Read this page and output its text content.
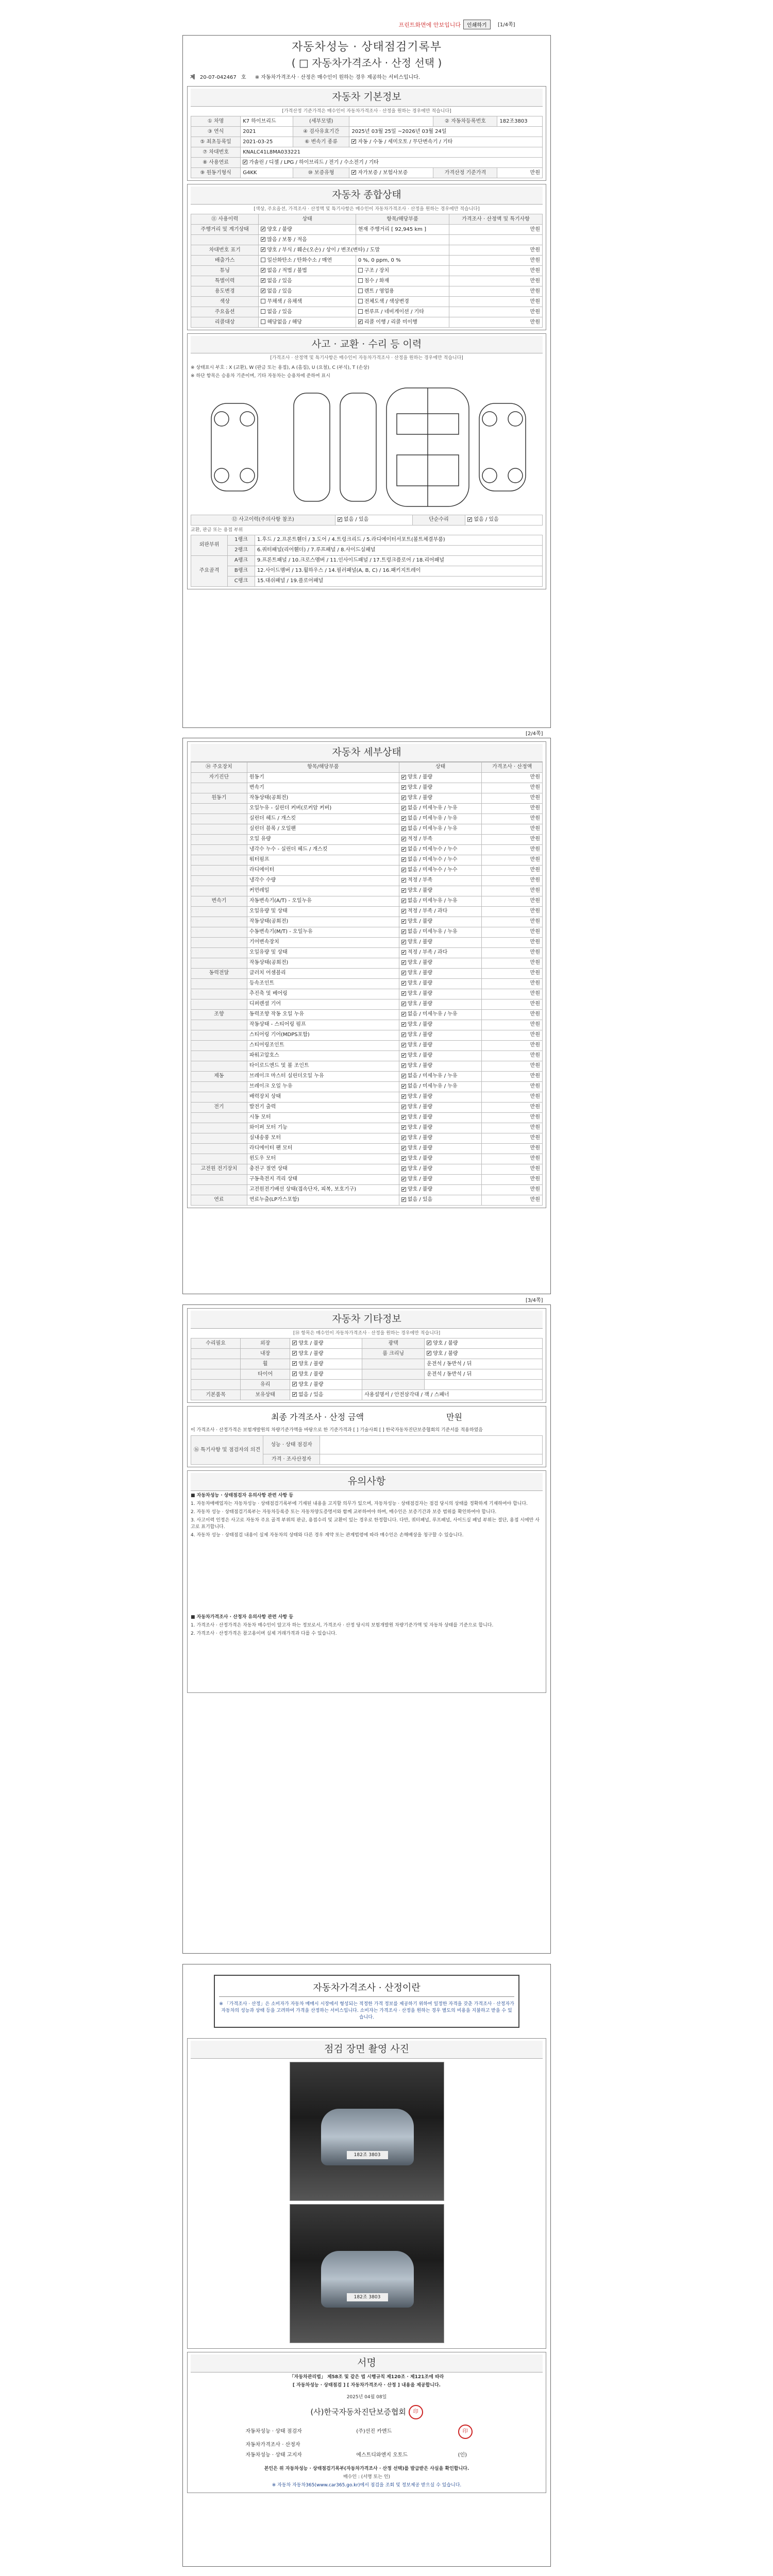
프린트화면에 안보입니다	인쇄하기	[1/4쪽]
자동차성능 · 상태점검기록부
( □ 자동차가격조사 · 산정 선택 )
제 20-07-042467 호 ※ 자동차가격조사 · 산정은 매수인이 원하는 경우 제공하는 서비스입니다.
자동차 기본정보
[가격산정 기준가격은 매수인이 자동차가격조사 · 산정을 원하는 경우에만 적습니다]
① 차명	K7 하이브리드	(세부모델)		② 자동차등록번호	182조3803
③ 연식	2021	④ 검사유효기간	2025년 03월 25일 ~2026년 03월 24일		
⑤ 최초등록일	2021-03-25	⑥ 변속기 종류	✔자동 / 수동 / 세미오토 / 무단변속기 / 기타
⑦ 차대번호	KNALC41L8MA033221				
⑧ 사용연료	✔가솔린 / 디젤 / LPG / 하이브리드 / 전기 / 수소전기 / 기타
⑨ 원동기형식	G4KK	⑩ 보증유형	✔자가보증 / 보험사보증	가격산정 기준가격	만원
자동차 종합상태
[색상, 주요옵션, 가격조사 · 산정액 및 특기사항은 매수인이 자동차가격조사 · 산정을 원하는 경우에만 적습니다]
⑪ 사용이력	상태	항목/해당부품	가격조사 · 산정액 및 특기사항
주행거리 및 계기상태	✔양호 / 불량	현재 주행거리 [ 92,945 km ]	만원
	✔많음 / 보통 / 적음		
차대번호 표기	✔양호 / 부식 / 훼손(오손) / 상이 / 변조(변타) / 도말		만원
배출가스	일산화탄소 / 탄화수소 / 매연	0 %, 0 ppm, 0 %	만원
튜닝	✔없음 / 적법 / 불법	구조 / 장치	만원
특별이력	✔없음 / 있음	침수 / 화재	만원
용도변경	✔없음 / 있음	렌트 / 영업용	만원
색상	무채색 / 유채색	전체도색 / 색상변경	만원
주요옵션	없음 / 있음	썬루프 / 네비게이션 / 기타	만원
리콜대상	해당없음 / 해당	✔리콜 이행 / 리콜 미이행	만원
사고 · 교환 · 수리 등 이력
[가격조사 · 산정액 및 특기사항은 매수인이 자동차가격조사 · 산정을 원하는 경우에만 적습니다]

※ 상태표시 부호 : X (교환), W (판금 또는 용접), A (흠집), U (요철), C (부식), T (손상)

※ 하단 항목은 승용차 기준이며, 기타 자동차는 승용차에 준하여 표시

⑫ 사고이력(주의사항 참조)	✔없음 / 있음	단순수리	✔없음 / 있음
교환, 판금 또는 용접 부위
외판부위	1랭크	1.후드 / 2.프론트휀더 / 3.도어 / 4.트렁크리드 / 5.라디에이터서포트(볼트체결부품)
	2랭크	6.쿼터패널(리어휀더) / 7.루프패널 / 8.사이드실패널
주요골격	A랭크	9.프론트패널 / 10.크로스멤버 / 11.인사이드패널 / 17.트렁크플로어 / 18.리어패널
	B랭크	12.사이드멤버 / 13.휠하우스 / 14.필러패널(A, B, C) / 16.패키지트레이
	C랭크	15.대쉬패널 / 19.플로어패널
[2/4쪽]
자동차 세부상태
⑭ 주요장치	항목/해당부품	상태	가격조사 · 산정액
자기진단	원동기	✔양호 / 불량	만원
	변속기	✔양호 / 불량	만원
원동기	작동상태(공회전)	✔양호 / 불량	만원
	오일누유 - 실린더 커버(로커암 커버)	✔없음 / 미세누유 / 누유	만원
	실린더 헤드 / 개스킷	✔없음 / 미세누유 / 누유	만원
	실린더 블록 / 오일팬	✔없음 / 미세누유 / 누유	만원
	오일 유량	✔적정 / 부족	만원
	냉각수 누수 - 실린더 헤드 / 개스킷	✔없음 / 미세누수 / 누수	만원
	워터펌프	✔없음 / 미세누수 / 누수	만원
	라디에이터	✔없음 / 미세누수 / 누수	만원
	냉각수 수량	✔적정 / 부족	만원
	커먼레일	✔양호 / 불량	만원
변속기	자동변속기(A/T) - 오일누유	✔없음 / 미세누유 / 누유	만원
	오일유량 및 상태	✔적정 / 부족 / 과다	만원
	작동상태(공회전)	✔양호 / 불량	만원
	수동변속기(M/T) - 오일누유	✔없음 / 미세누유 / 누유	만원
	기어변속장치	✔양호 / 불량	만원
	오일유량 및 상태	✔적정 / 부족 / 과다	만원
	작동상태(공회전)	✔양호 / 불량	만원
동력전달	클러치 어셈블리	✔양호 / 불량	만원
	등속조인트	✔양호 / 불량	만원
	추진축 및 베어링	✔양호 / 불량	만원
	디퍼렌셜 기어	✔양호 / 불량	만원
조향	동력조향 작동 오일 누유	✔없음 / 미세누유 / 누유	만원
	작동상태 - 스티어링 펌프	✔양호 / 불량	만원
	스티어링 기어(MDPS포함)	✔양호 / 불량	만원
	스티어링조인트	✔양호 / 불량	만원
	파워고압호스	✔양호 / 불량	만원
	타이로드엔드 및 볼 조인트	✔양호 / 불량	만원
제동	브레이크 마스터 실린더오일 누유	✔없음 / 미세누유 / 누유	만원
	브레이크 오일 누유	✔없음 / 미세누유 / 누유	만원
	배력장치 상태	✔양호 / 불량	만원
전기	발전기 출력	✔양호 / 불량	만원
	시동 모터	✔양호 / 불량	만원
	와이퍼 모터 기능	✔양호 / 불량	만원
	실내송풍 모터	✔양호 / 불량	만원
	라디에이터 팬 모터	✔양호 / 불량	만원
	윈도우 모터	✔양호 / 불량	만원
고전원 전기장치	충전구 절연 상태	✔양호 / 불량	만원
	구동축전지 격리 상태	✔양호 / 불량	만원
	고전원전기배선 상태(접속단자, 피복, 보호기구)	✔양호 / 불량	만원
연료	연료누출(LP가스포함)	✔없음 / 있음	만원
[3/4쪽]
자동차 기타정보
[⑭ 항목은 매수인이 자동차가격조사 · 산정을 원하는 경우에만 적습니다]
수리필요	외장	✔양호 / 불량	광택	✔양호 / 불량
	내장	✔양호 / 불량	룸 크리닝	✔양호 / 불량
	휠	✔양호 / 불량		운전석 / 동반석 / 뒤
	타이어	✔양호 / 불량		운전석 / 동반석 / 뒤
	유리	✔양호 / 불량		
기본품목	보유상태	✔없음 / 있음	사용설명서 / 안전삼각대 / 잭 / 스패너	
최종 가격조사 · 산정 금액	만원

이 가격조사 · 산정가격은 보험개발원의 차량기준가액을 바탕으로 한 기준가격과 [ ] 기술사회 [ ] 한국자동차진단보증협회의 기준서를 적용하였음

⑯ 특기사항 및 점검자의 의견	성능 · 상태 점검자	
	가격 · 조사산정자	
유의사항

■ 자동차성능 · 상태점검자 유의사항 관련 사항 등

1. 자동차매매업자는 자동차성능 · 상태점검기록부에 기재된 내용을 고지할 의무가 있으며, 자동차성능 · 상태점검자는 점검 당시의 상태를 정확하게 기재하여야 합니다.

2. 자동차 성능 · 상태점검기록부는 자동차등록증 또는 자동차양도증명서와 함께 교부하여야 하며, 매수인은 보증기간과 보증 범위를 확인하여야 합니다.

3. 사고이력 인정은 사고로 자동차 주요 골격 부위의 판금, 용접수리 및 교환이 있는 경우로 한정합니다. 다만, 쿼터패널, 루프패널, 사이드실 패널 부위는 절단, 용접 시에만 사고로 표기합니다.

4. 자동차 성능 · 상태점검 내용이 실제 자동차의 상태와 다른 경우 계약 또는 관계법령에 따라 매수인은 손해배상을 청구할 수 있습니다.

■ 자동차가격조사 · 산정자 유의사항 관련 사항 등

1. 가격조사 · 산정가격은 자동차 매수인이 알고자 하는 정보로서, 가격조사 · 산정 당시의 보험개발원 차량기준가액 및 자동차 상태를 기준으로 합니다.

2. 가격조사 · 산정가격은 참고용이며 실제 거래가격과 다를 수 있습니다.

자동차가격조사 · 산정이란

※ 「가격조사 · 산정」은 소비자가 자동차 매매시 시장에서 형성되는 적정한 가격 정보를 제공하기 위하여 일정한 자격을 갖춘 가격조사 · 산정자가 자동차의 성능과 상태 등을 고려하여 가격을 산정하는 서비스입니다. 소비자는 가격조사 · 산정을 원하는 경우 별도의 비용을 지불하고 받을 수 있습니다.

점검 장면 촬영 사진
182조 3803
182조 3803
서명

「자동차관리법」 제58조 및 같은 법 시행규칙 제120조 · 제121조에 따라

[ 자동차성능 · 상태점검 ] [ 자동차가격조사 · 산정 ] 내용을 제공합니다.

2025년 04월 08일

(사)한국자동차진단보증협회 印
자동차성능 · 상태 점검자	(주)선진 카엔드	印
자동차가격조사 · 산정자		
자동차성능 · 상태 고지자	에스트디와엔지 오토드	(인)

본인은 위 자동차성능 · 상태점검기록부(자동차가격조사 · 산정 선택)를 발급받은 사실을 확인합니다.

매수인 : (서명 또는 인)

※ 자동차 자동차365(www.car365.go.kr)에서 점검을 조회 및 정보제공 받으실 수 있습니다.
